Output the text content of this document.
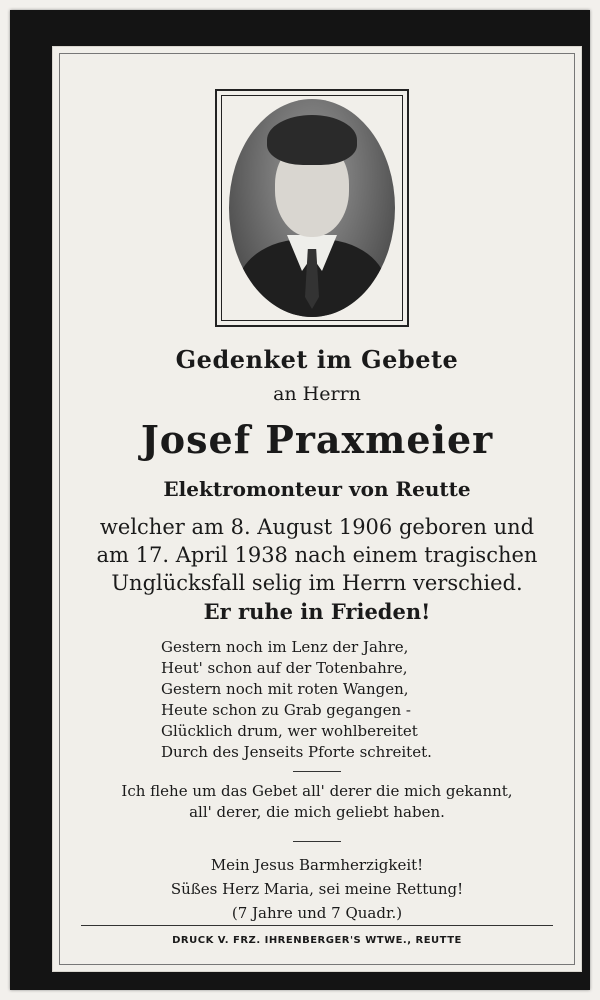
Gedenket im Gebete
an Herrn
Josef Praxmeier
Elektromonteur von Reutte
welcher am 8. August 1906 geboren und
am 17. April 1938 nach einem tragischen
Unglücksfall selig im Herrn verschied.
Er ruhe in Frieden!
Gestern noch im Lenz der Jahre,
Heut' schon auf der Totenbahre,
Gestern noch mit roten Wangen,
Heute schon zu Grab gegangen -
Glücklich drum, wer wohlbereitet
Durch des Jenseits Pforte schreitet.
Ich flehe um das Gebet all' derer die mich gekannt,
all' derer, die mich geliebt haben.
Mein Jesus Barmherzigkeit!
Süßes Herz Maria, sei meine Rettung!
(7 Jahre und 7 Quadr.)
DRUCK V. FRZ. IHRENBERGER'S WTWE., REUTTE
